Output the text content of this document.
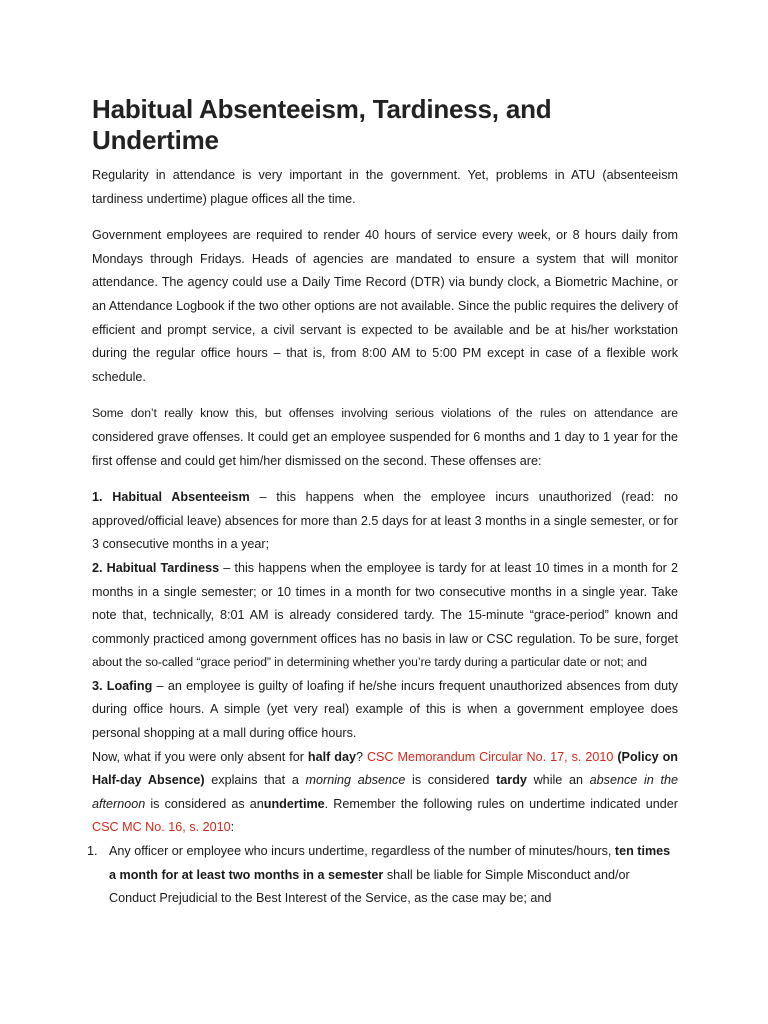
Habitual Absenteeism, Tardiness, and Undertime

Regularity in attendance is very important in the government. Yet, problems in ATU (absenteeism tardiness undertime) plague offices all the time.

Government employees are required to render 40 hours of service every week, or 8 hours daily from Mondays through Fridays. Heads of agencies are mandated to ensure a system that will monitor attendance. The agency could use a Daily Time Record (DTR) via bundy clock, a Biometric Machine, or an Attendance Logbook if the two other options are not available. Since the public requires the delivery of efficient and prompt service, a civil servant is expected to be available and be at his/her workstation during the regular office hours – that is, from 8:00 AM to 5:00 PM except in case of a flexible work schedule.

Some don’t really know this, but offenses involving serious violations of the rules on attendance are considered grave offenses. It could get an employee suspended for 6 months and 1 day to 1 year for the first offense and could get him/her dismissed on the second. These offenses are:

1. Habitual Absenteeism – this happens when the employee incurs unauthorized (read: no approved/official leave) absences for more than 2.5 days for at least 3 months in a single semester, or for 3 consecutive months in a year;

2. Habitual Tardiness – this happens when the employee is tardy for at least 10 times in a month for 2 months in a single semester; or 10 times in a month for two consecutive months in a single year. Take note that, technically, 8:01 AM is already considered tardy. The 15-minute “grace-period” known and commonly practiced among government offices has no basis in law or CSC regulation. To be sure, forget about the so-called “grace period” in determining whether you’re tardy during a particular date or not; and

3. Loafing – an employee is guilty of loafing if he/she incurs frequent unauthorized absences from duty during office hours. A simple (yet very real) example of this is when a government employee does personal shopping at a mall during office hours.

Now, what if you were only absent for half day? CSC Memorandum Circular No. 17, s. 2010 (Policy on Half-day Absence) explains that a morning absence is considered tardy while an absence in the afternoon is considered as anundertime. Remember the following rules on undertime indicated under CSC MC No. 16, s. 2010:

1. Any officer or employee who incurs undertime, regardless of the number of minutes/hours, ten times a month for at least two months in a semester shall be liable for Simple Misconduct and/or Conduct Prejudicial to the Best Interest of the Service, as the case may be; and
